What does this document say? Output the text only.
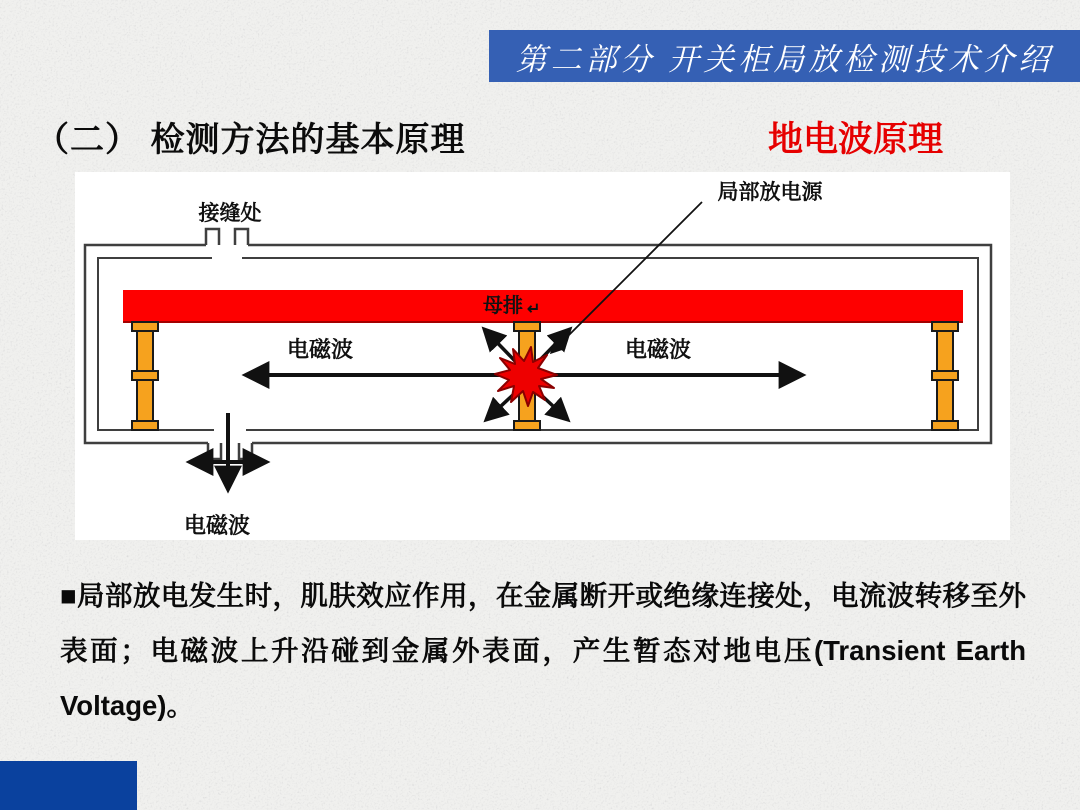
第二部分 开关柜局放检测技术介绍
（二） 检测方法的基本原理	地电波原理
接缝处
局部放电源
母排 ↵
电磁波	电磁波
电磁波
■局部放电发生时，肌肤效应作用，在金属断开或绝缘连接处，电流波转移至外表面；电磁波上升沿碰到金属外表面，产生暂态对地电压(Transient Earth Voltage)。
